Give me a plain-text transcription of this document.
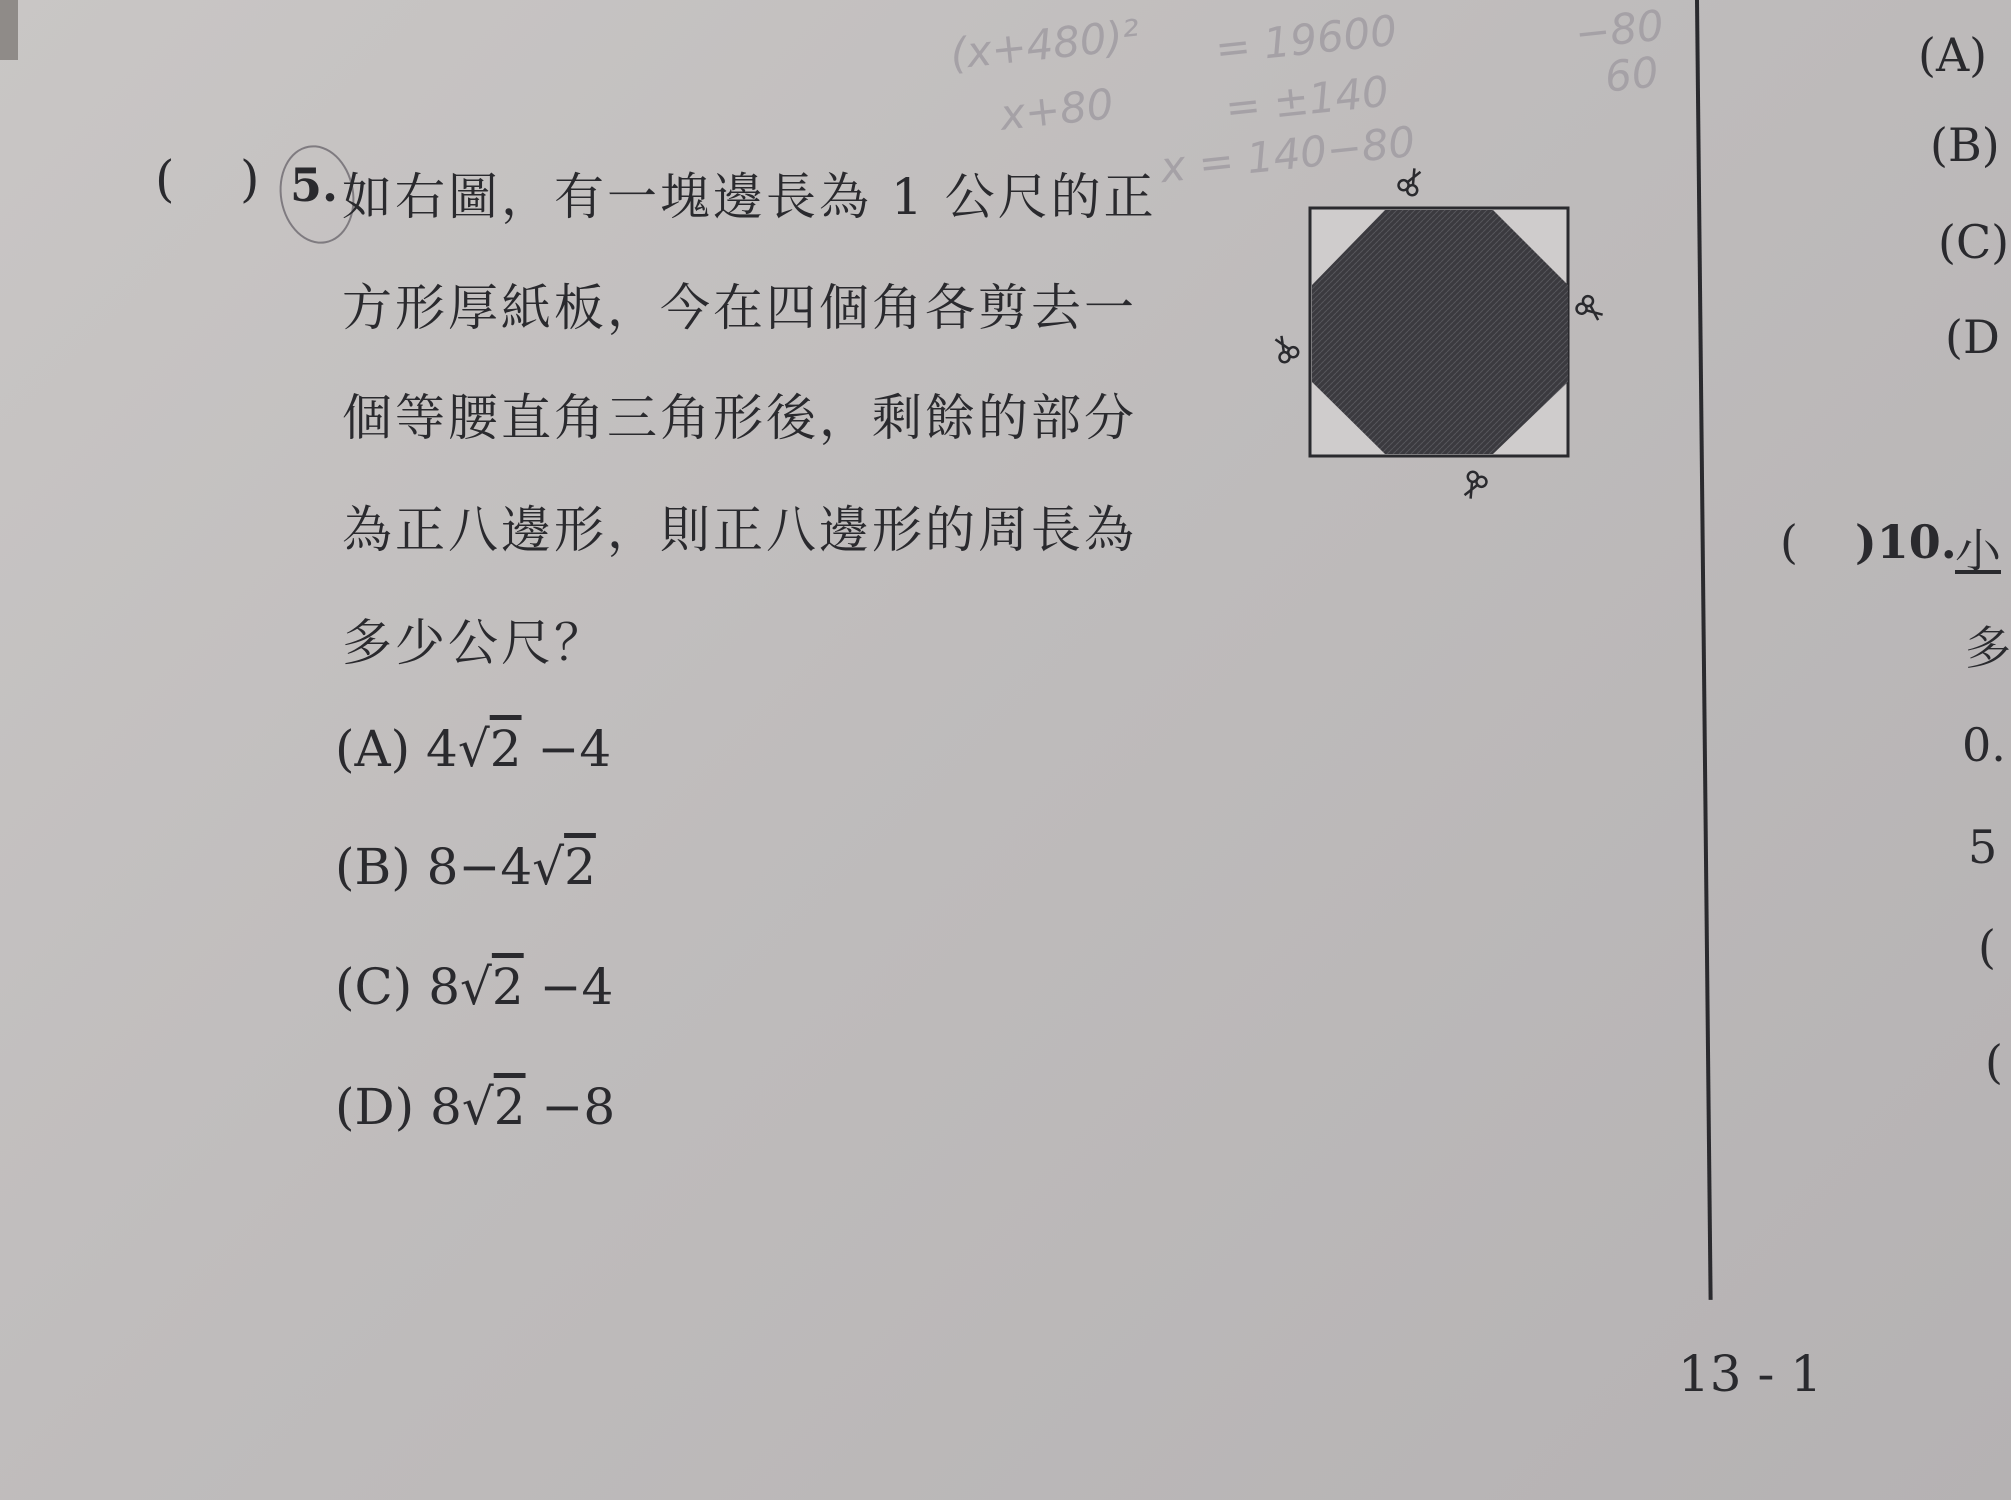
(x+480)² = 19600
x+80	= ±140
x = 140−80
−80
60
( ) 5. 如右圖，有一塊邊長為 1 公尺的正
方形厚紙板，今在四個角各剪去一
個等腰直角三角形後，剩餘的部分
為正八邊形，則正八邊形的周長為
多少公尺？
(A) 4√2 −4
(B) 8−4√2
(C) 8√2 −4
(D) 8√2 −8
(A)
(B)
(C)
(D
( )10.
小
多
0.
5
(
(
13 - 1
